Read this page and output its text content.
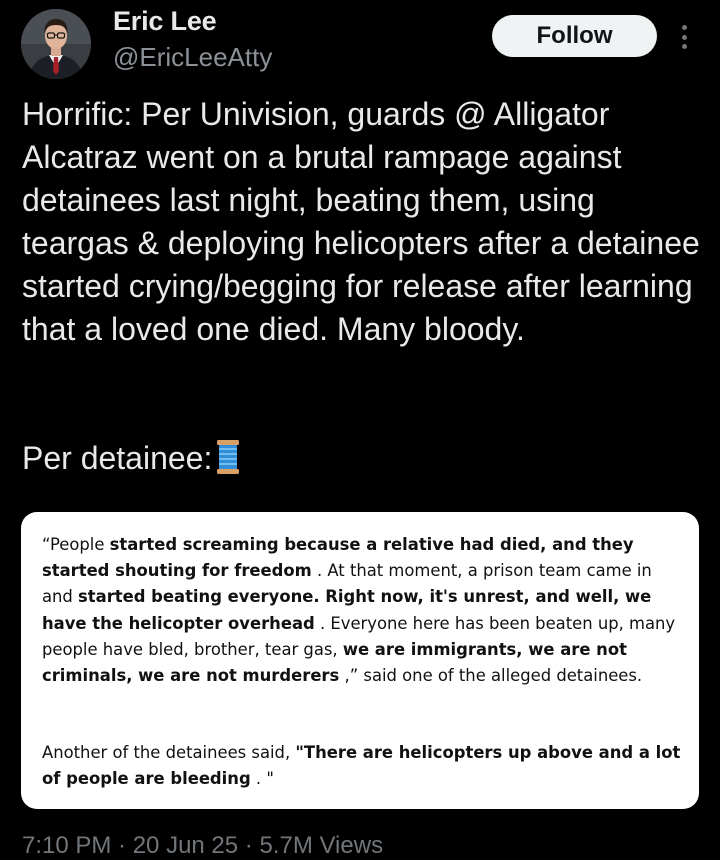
Eric Lee
@EricLeeAtty
Follow
Horrific: Per Univision, guards @ Alligator Alcatraz went on a brutal rampage against detainees last night, beating them, using teargas & deploying helicopters after a detainee started crying/begging for release after learning that a loved one died. Many bloody.
Per detainee:
“People started screaming because a relative had died, and they started shouting for freedom . At that moment, a prison team came in and started beating everyone. Right now, it's unrest, and well, we have the helicopter overhead . Everyone here has been beaten up, many people have bled, brother, tear gas, we are immigrants, we are not criminals, we are not murderers ,” said one of the alleged detainees.
Another of the detainees said, "There are helicopters up above and a lot of people are bleeding . "
7:10 PM · 20 Jun 25 · 5.7M Views
